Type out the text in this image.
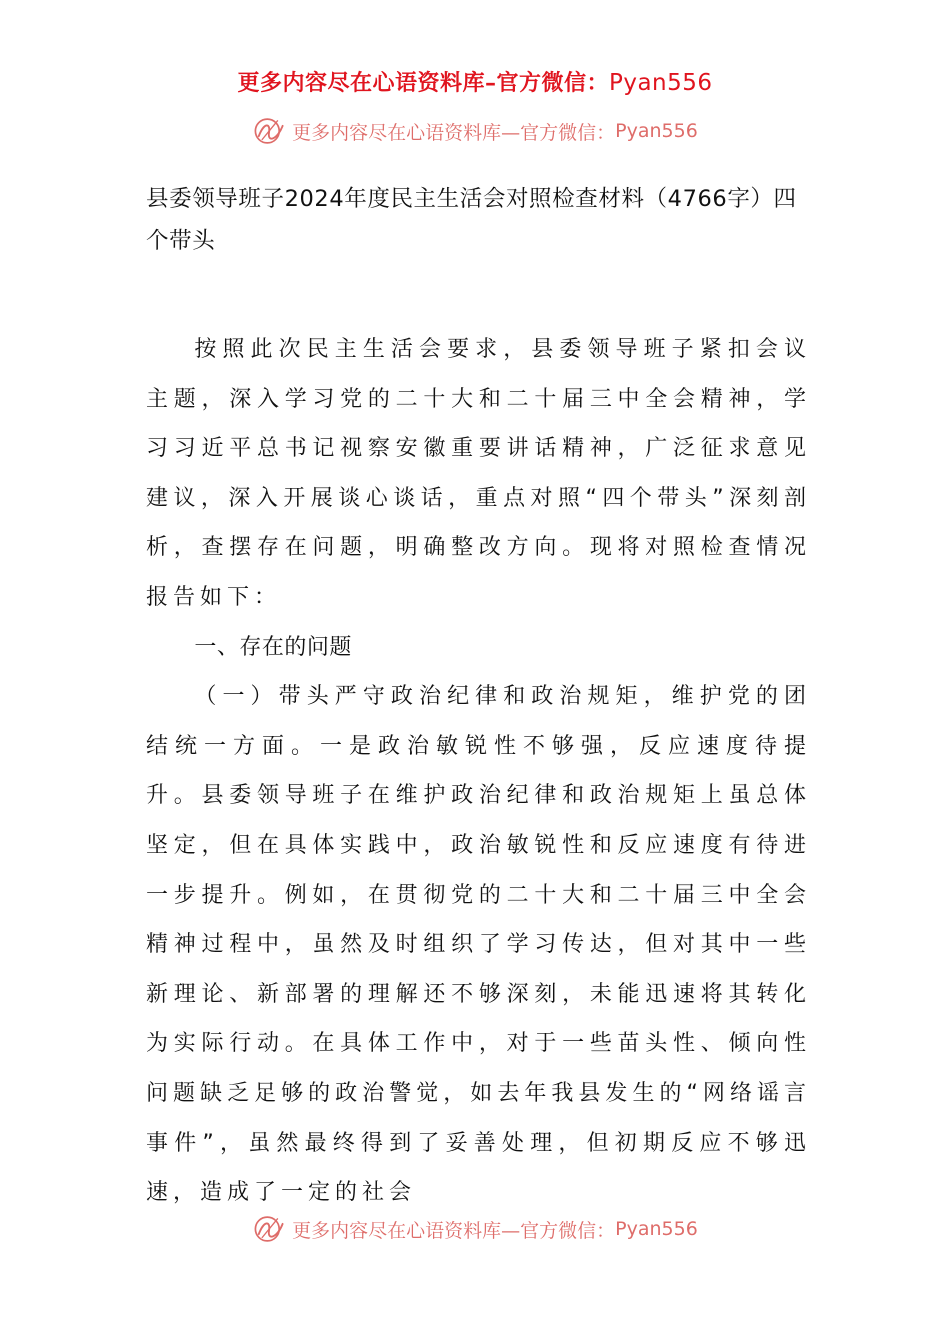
更多内容尽在心语资料库–官方微信：Pyan556
更多内容尽在心语资料库—官方微信： Pyan556
县委领导班子2024年度民主生活会对照检查材料（4766字）四个带头

按照此次民主生活会要求，县委领导班子紧扣会议主题，深入学习党的二十大和二十届三中全会精神，学习习近平总书记视察安徽重要讲话精神，广泛征求意见建议，深入开展谈心谈话，重点对照“四个带头”深刻剖析，查摆存在问题，明确整改方向。现将对照检查情况报告如下：

一、存在的问题

（一）带头严守政治纪律和政治规矩，维护党的团结统一方面。一是政治敏锐性不够强，反应速度待提升。县委领导班子在维护政治纪律和政治规矩上虽总体坚定，但在具体实践中，政治敏锐性和反应速度有待进一步提升。例如，在贯彻党的二十大和二十届三中全会精神过程中，虽然及时组织了学习传达，但对其中一些新理论、新部署的理解还不够深刻，未能迅速将其转化为实际行动。在具体工作中，对于一些苗头性、倾向性问题缺乏足够的政治警觉，如去年我县发生的“网络谣言事件”，虽然最终得到了妥善处理，但初期反应不够迅速，造成了一定的社会

更多内容尽在心语资料库—官方微信： Pyan556
